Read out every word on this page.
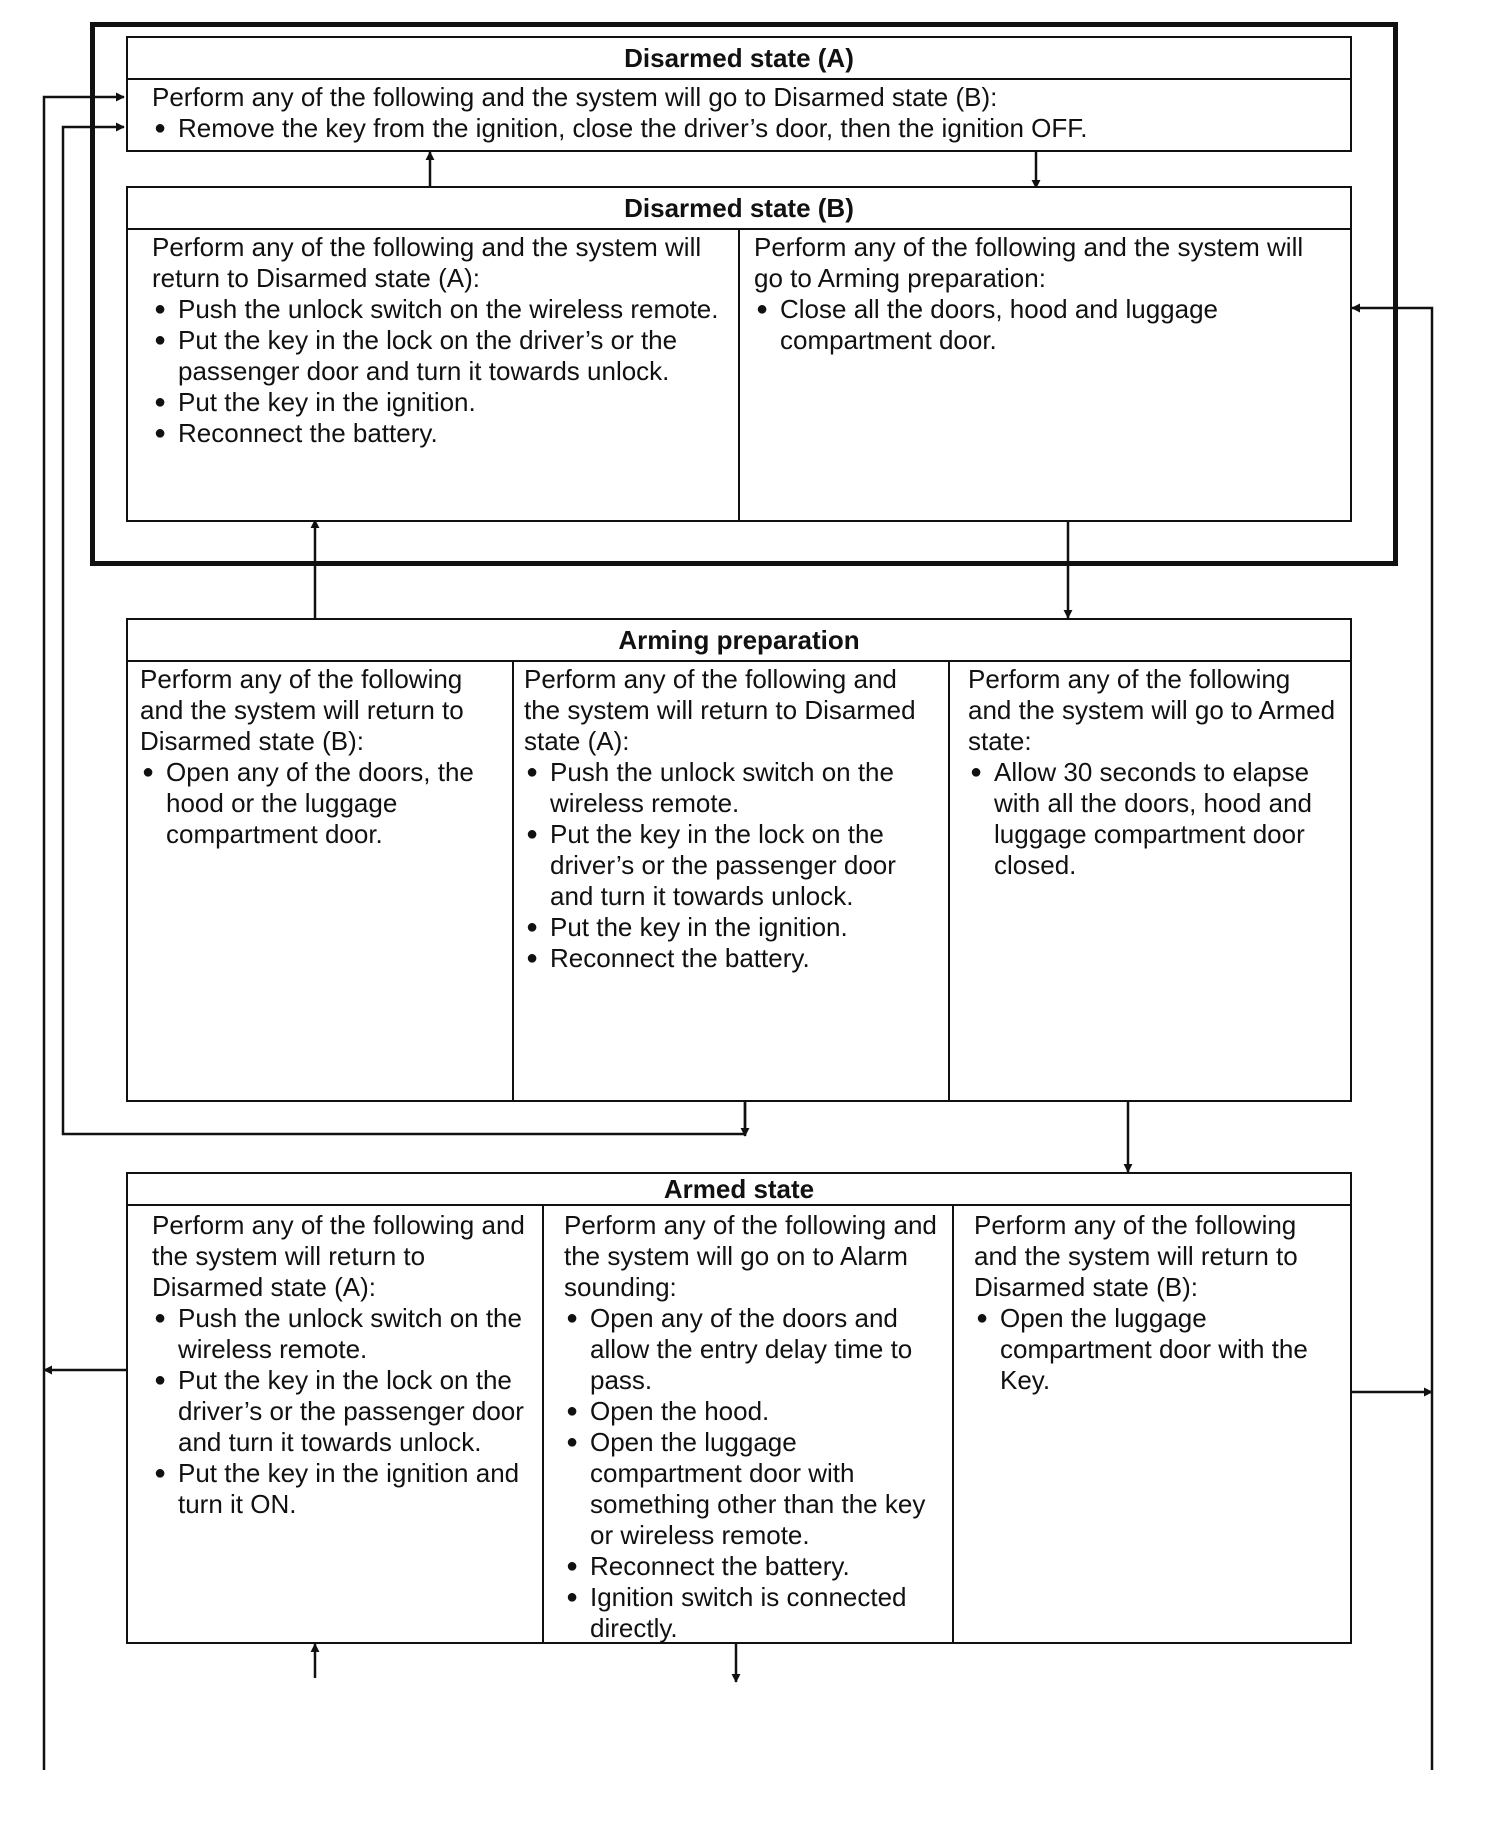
Disarmed state (A)

Perform any of the following and the system will go to Disarmed state (B):

● Remove the key from the ignition, close the driver’s door, then the ignition OFF.
Disarmed state (B)

Perform any of the following and the system will return to Disarmed state (A):

● Push the unlock switch on the wireless remote.
● Put the key in the lock on the driver’s or the passenger door and turn it towards unlock.
● Put the key in the ignition.
● Reconnect the battery.

Perform any of the following and the system will go to Arming preparation:

● Close all the doors, hood and luggage compartment door.
Arming preparation

Perform any of the following and the system will return to Disarmed state (B):

● Open any of the doors, the hood or the luggage compartment door.

Perform any of the following and the system will return to Disarmed state (A):

● Push the unlock switch on the wireless remote.
● Put the key in the lock on the driver’s or the passenger door and turn it towards unlock.
● Put the key in the ignition.
● Reconnect the battery.

Perform any of the following and the system will go to Armed state:

● Allow 30 seconds to elapse with all the doors, hood and luggage compartment door closed.
Armed state

Perform any of the following and the system will return to Disarmed state (A):

● Push the unlock switch on the wireless remote.
● Put the key in the lock on the driver’s or the passenger door and turn it towards unlock.
● Put the key in the ignition and turn it ON.

Perform any of the following and the system will go on to Alarm sounding:

● Open any of the doors and allow the entry delay time to pass.
● Open the hood.
● Open the luggage compartment door with something other than the key or wireless remote.
● Reconnect the battery.
● Ignition switch is connected directly.

Perform any of the following and the system will return to Disarmed state (B):

● Open the luggage compartment door with the Key.
